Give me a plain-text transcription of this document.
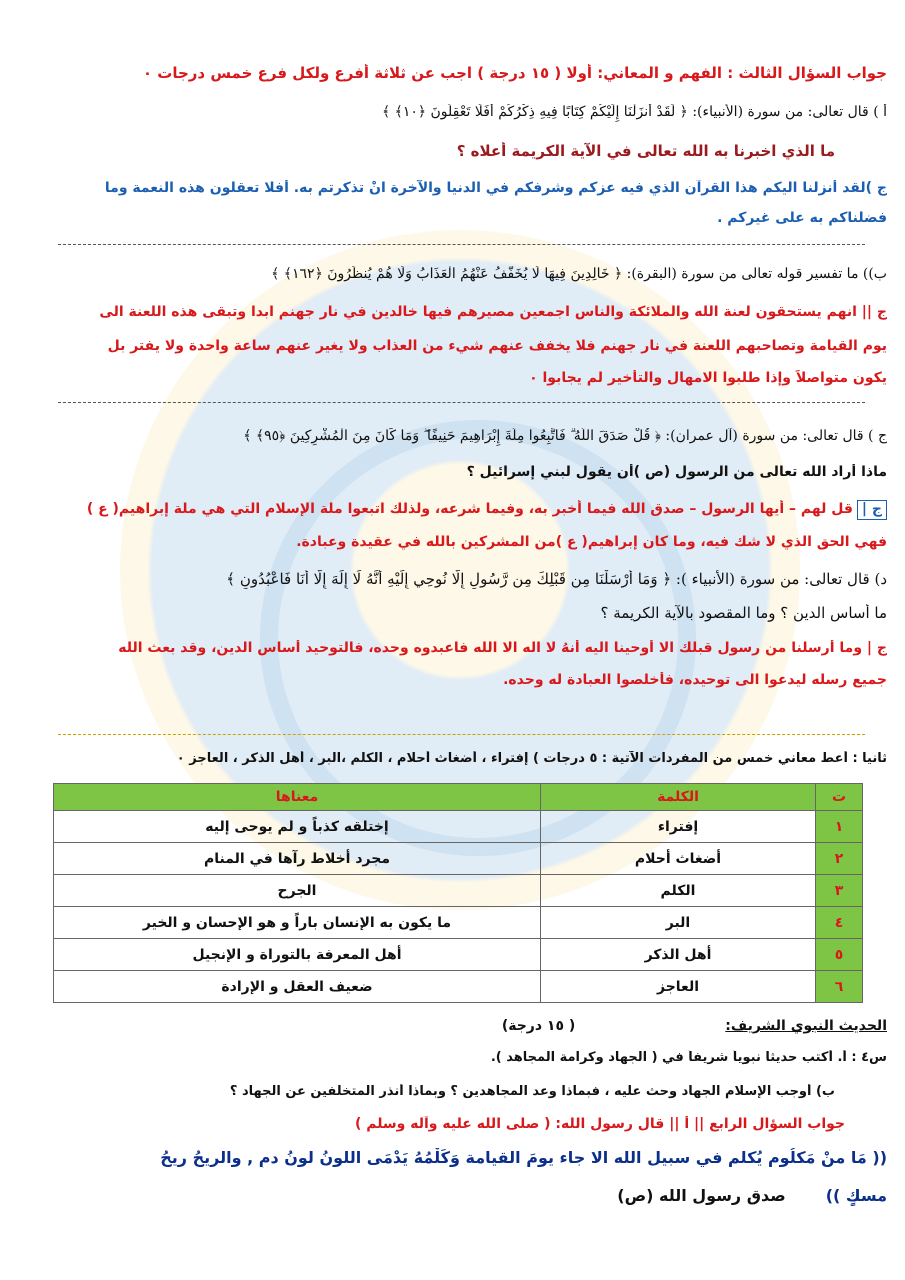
جواب السؤال الثالث : الفهم و المعاني: أولا ( ١٥ درجة ) اجب عن ثلاثة أفرع ولكل فرع خمس درجات ٠
أ ) قال تعالى: من سورة (الأنبياء): ﴿ لَقَدْ أَنزَلْنَا إِلَيْكُمْ كِتَابًا فِيهِ ذِكْرُكُمْ أَفَلَا تَعْقِلُونَ ﴿١٠﴾ ﴾
ما الذي اخبرنا به الله تعالى في الآية الكريمة أعلاه ؟
ج )لقد أنزلنا اليكم هذا القرآن الذي فيه عزكم وشرفكم في الدنيا والآخرة انْ تذكرتم به. أفلا تعقلون هذه النعمة وما
فضلناكم به على غيركم .
ب)) ما تفسير قوله تعالى من سورة (البقرة): ﴿ خَالِدِينَ فِيهَا لَا يُخَفَّفُ عَنْهُمُ الْعَذَابُ وَلَا هُمْ يُنظَرُونَ ﴿١٦٢﴾ ﴾
ج || انهم يستحقون لعنة الله والملائكة والناس اجمعين مصيرهم فيها خالدين في نار جهنم ابدا وتبقى هذه اللعنة الى
يوم القيامة وتصاحبهم اللعنة في نار جهنم فلا يخفف عنهم شيء من العذاب ولا يغير عنهم ساعة واحدة ولا يفتر بل
يكون متواصلاً وإذا طلبوا الامهال والتأخير لم يجابوا ٠
ج ) قال تعالى: من سورة (آل عمران): ﴿ قُلْ صَدَقَ اللَّهُ ۗ فَاتَّبِعُوا مِلَّةَ إِبْرَاهِيمَ حَنِيفًا ۖ وَمَا كَانَ مِنَ الْمُشْرِكِينَ ﴿٩٥﴾ ﴾
ماذا أراد الله تعالى من الرسول (ص )أن يقول لبني إسرائيل ؟
ج |قل لهم – أيها الرسول – صدق الله فيما أخبر به، وفيما شرعه، ولذلك اتبعوا ملة الإسلام التي هي ملة إبراهيم( ع )
فهي الحق الذي لا شك فيه، وما كان إبراهيم( ع )من المشركين بالله في عقيدة وعبادة.
د) قال تعالى: من سورة (الأنبياء ): ﴿ وَمَا أَرْسَلْنَا مِن قَبْلِكَ مِن رَّسُولٍ إِلَّا نُوحِي إِلَيْهِ أَنَّهُ لَا إِلَهَ إِلَّا أَنَا فَاعْبُدُونِ ﴾
ما أساس الدين ؟ وما المقصود بالآية الكريمة ؟
ج | وما أرسلنا من رسول قبلك الا أوحينا اليه أنهُ لا اله الا الله فاعبدوه وحده، فالتوحيد أساس الدين، وقد بعث الله
جميع رسله ليدعوا الى توحيده، فأخلصوا العبادة له وحده.
ثانيا : أعط معاني خمس من المفردات الآتية : ٥ درجات ) إفتراء ، أضغاث أحلام ، الكلم ،البر ، أهل الذكر ، العاجز ٠
ت	الكلمة	معناها
١	إفتراء	إختلقه كذباً و لم يوحى إليه
٢	أضغاث أحلام	مجرد أخلاط رآها في المنام
٣	الكلم	الجرح
٤	البر	ما يكون به الإنسان باراً و هو الإحسان و الخير
٥	أهل الذكر	أهل المعرفة بالتوراة و الإنجيل
٦	العاجز	ضعيف العقل و الإرادة
الحديث النبوي الشريف:( ١٥ درجة)
س٤ : أ. أكتب حديثا نبوياً شريفاً في ( الجهاد وكرامة المجاهد ).
ب) أوجب الإسلام الجهاد وحث عليه ، فبماذا وعد المجاهدين ؟ وبماذا أنذر المتخلفين عن الجهاد ؟
جواب السؤال الرابع || أ || قال رسول الله: ( صلى الله عليه وآله وسلم )
(( مَا منْ مَكلُوم يُكلم في سبيل الله الا جاء يومَ القيامة وَكَلْمُهُ يَدْمَى اللونُ لونُ دمٍ , والريحُ ريحُ
مسكٍ ))صدق رسول الله (ص)
